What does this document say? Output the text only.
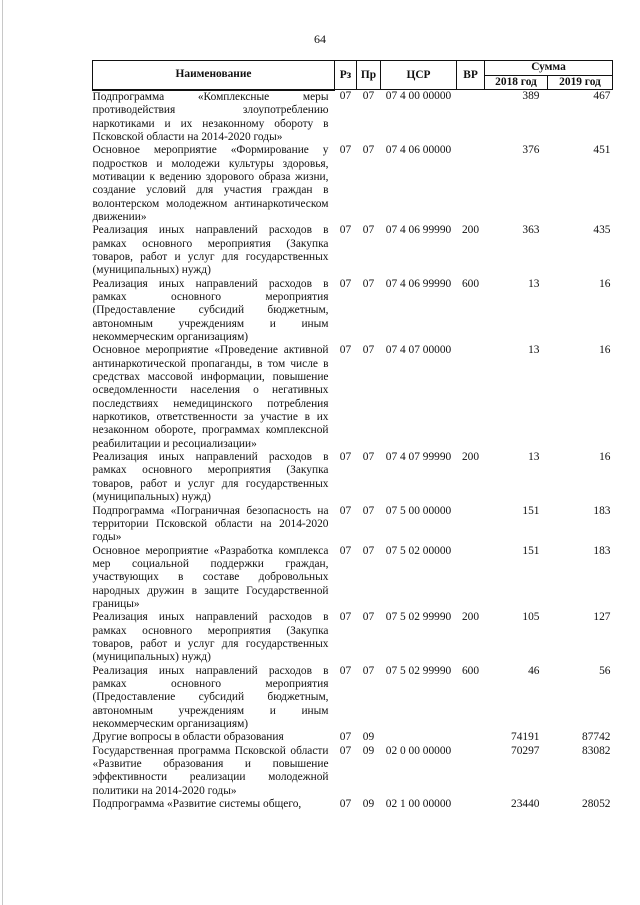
64
Наименование	Рз	Пр	ЦСР	ВР	Сумма	
					2018 год	2019 год
Подпрограмма «Комплексные меры противодействия злоупотреблению наркотиками и их незаконному обороту в Псковской области на 2014-2020 годы»	07	07	07 4 00 00000		389	467
Основное мероприятие «Формирование у подростков и молодежи культуры здоровья, мотивации к ведению здорового образа жизни, создание условий для участия граждан в волонтерском молодежном антинаркотическом движении»	07	07	07 4 06 00000		376	451
Реализация иных направлений расходов в рамках основного мероприятия (Закупка товаров, работ и услуг для государственных (муниципальных) нужд)	07	07	07 4 06 99990	200	363	435
Реализация иных направлений расходов в рамках основного мероприятия (Предоставление субсидий бюджетным, автономным учреждениям и иным некоммерческим организациям)	07	07	07 4 06 99990	600	13	16
Основное мероприятие «Проведение активной антинаркотической пропаганды, в том числе в средствах массовой информации, повышение осведомленности населения о негативных последствиях немедицинского потребления наркотиков, ответственности за участие в их незаконном обороте, программах комплексной реабилитации и ресоциализации»	07	07	07 4 07 00000		13	16
Реализация иных направлений расходов в рамках основного мероприятия (Закупка товаров, работ и услуг для государственных (муниципальных) нужд)	07	07	07 4 07 99990	200	13	16
Подпрограмма «Пограничная безопасность на территории Псковской области на 2014-2020 годы»	07	07	07 5 00 00000		151	183
Основное мероприятие «Разработка комплекса мер социальной поддержки граждан, участвующих в составе добровольных народных дружин в защите Государственной границы»	07	07	07 5 02 00000		151	183
Реализация иных направлений расходов в рамках основного мероприятия (Закупка товаров, работ и услуг для государственных (муниципальных) нужд)	07	07	07 5 02 99990	200	105	127
Реализация иных направлений расходов в рамках основного мероприятия (Предоставление субсидий бюджетным, автономным учреждениям и иным некоммерческим организациям)	07	07	07 5 02 99990	600	46	56
Другие вопросы в области образования	07	09			74191	87742
Государственная программа Псковской области «Развитие образования и повышение эффективности реализации молодежной политики на 2014-2020 годы»	07	09	02 0 00 00000		70297	83082
Подпрограмма «Развитие системы общего,	07	09	02 1 00 00000		23440	28052
